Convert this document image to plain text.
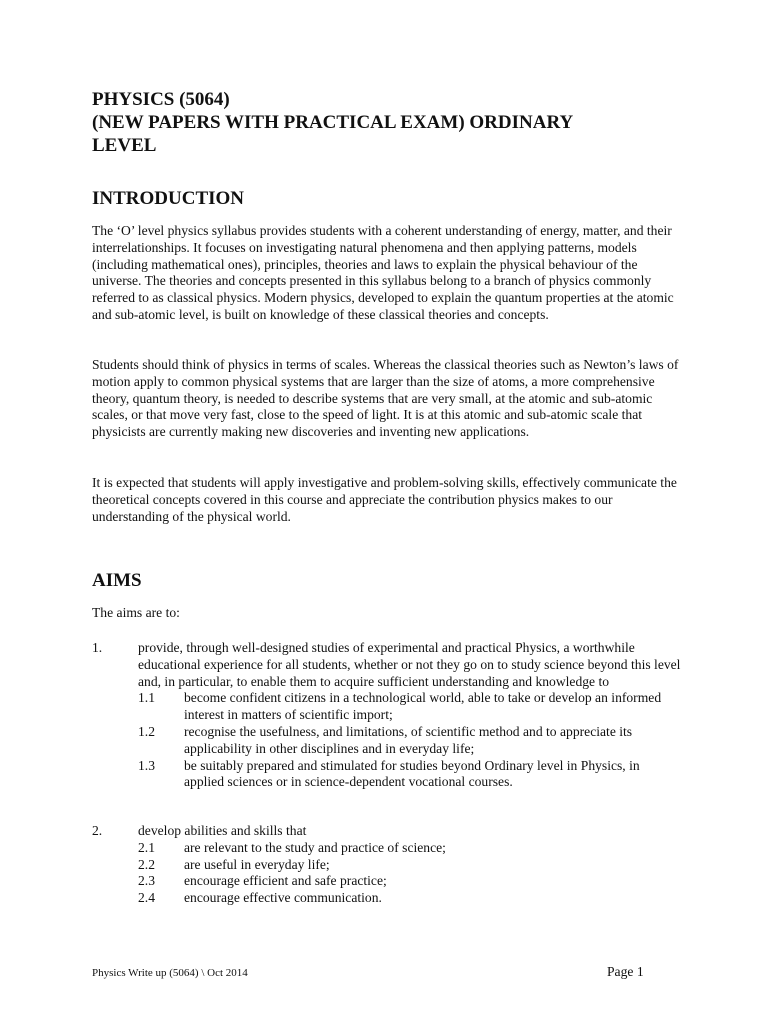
PHYSICS (5064)

(NEW PAPERS WITH PRACTICAL EXAM) ORDINARY

LEVEL

INTRODUCTION

The ‘O’ level physics syllabus provides students with a coherent understanding of energy, matter, and their interrelationships. It focuses on investigating natural phenomena and then applying patterns, models (including mathematical ones), principles, theories and laws to explain the physical behaviour of the universe. The theories and concepts presented in this syllabus belong to a branch of physics commonly referred to as classical physics. Modern physics, developed to explain the quantum properties at the atomic and sub-atomic level, is built on knowledge of these classical theories and concepts.

Students should think of physics in terms of scales. Whereas the classical theories such as Newton’s laws of motion apply to common physical systems that are larger than the size of atoms, a more comprehensive theory, quantum theory, is needed to describe systems that are very small, at the atomic and sub-atomic scales, or that move very fast, close to the speed of light. It is at this atomic and sub-atomic scale that physicists are currently making new discoveries and inventing new applications.

It is expected that students will apply investigative and problem-solving skills, effectively communicate the theoretical concepts covered in this course and appreciate the contribution physics makes to our understanding of the physical world.

AIMS

The aims are to:

1.	provide, through well-designed studies of experimental and practical Physics, a worthwhile educational experience for all students, whether or not they go on to study science beyond this level and, in particular, to enable them to acquire sufficient understanding and knowledge to
1.1	become confident citizens in a technological world, able to take or develop an informed interest in matters of scientific import;
1.2	recognise the usefulness, and limitations, of scientific method and to appreciate its applicability in other disciplines and in everyday life;
1.3	be suitably prepared and stimulated for studies beyond Ordinary level in Physics, in applied sciences or in science-dependent vocational courses.
2.	develop abilities and skills that
2.1	are relevant to the study and practice of science;
2.2	are useful in everyday life;
2.3	encourage efficient and safe practice;
2.4	encourage effective communication.
Physics Write up (5064) \ Oct 2014	Page 1
